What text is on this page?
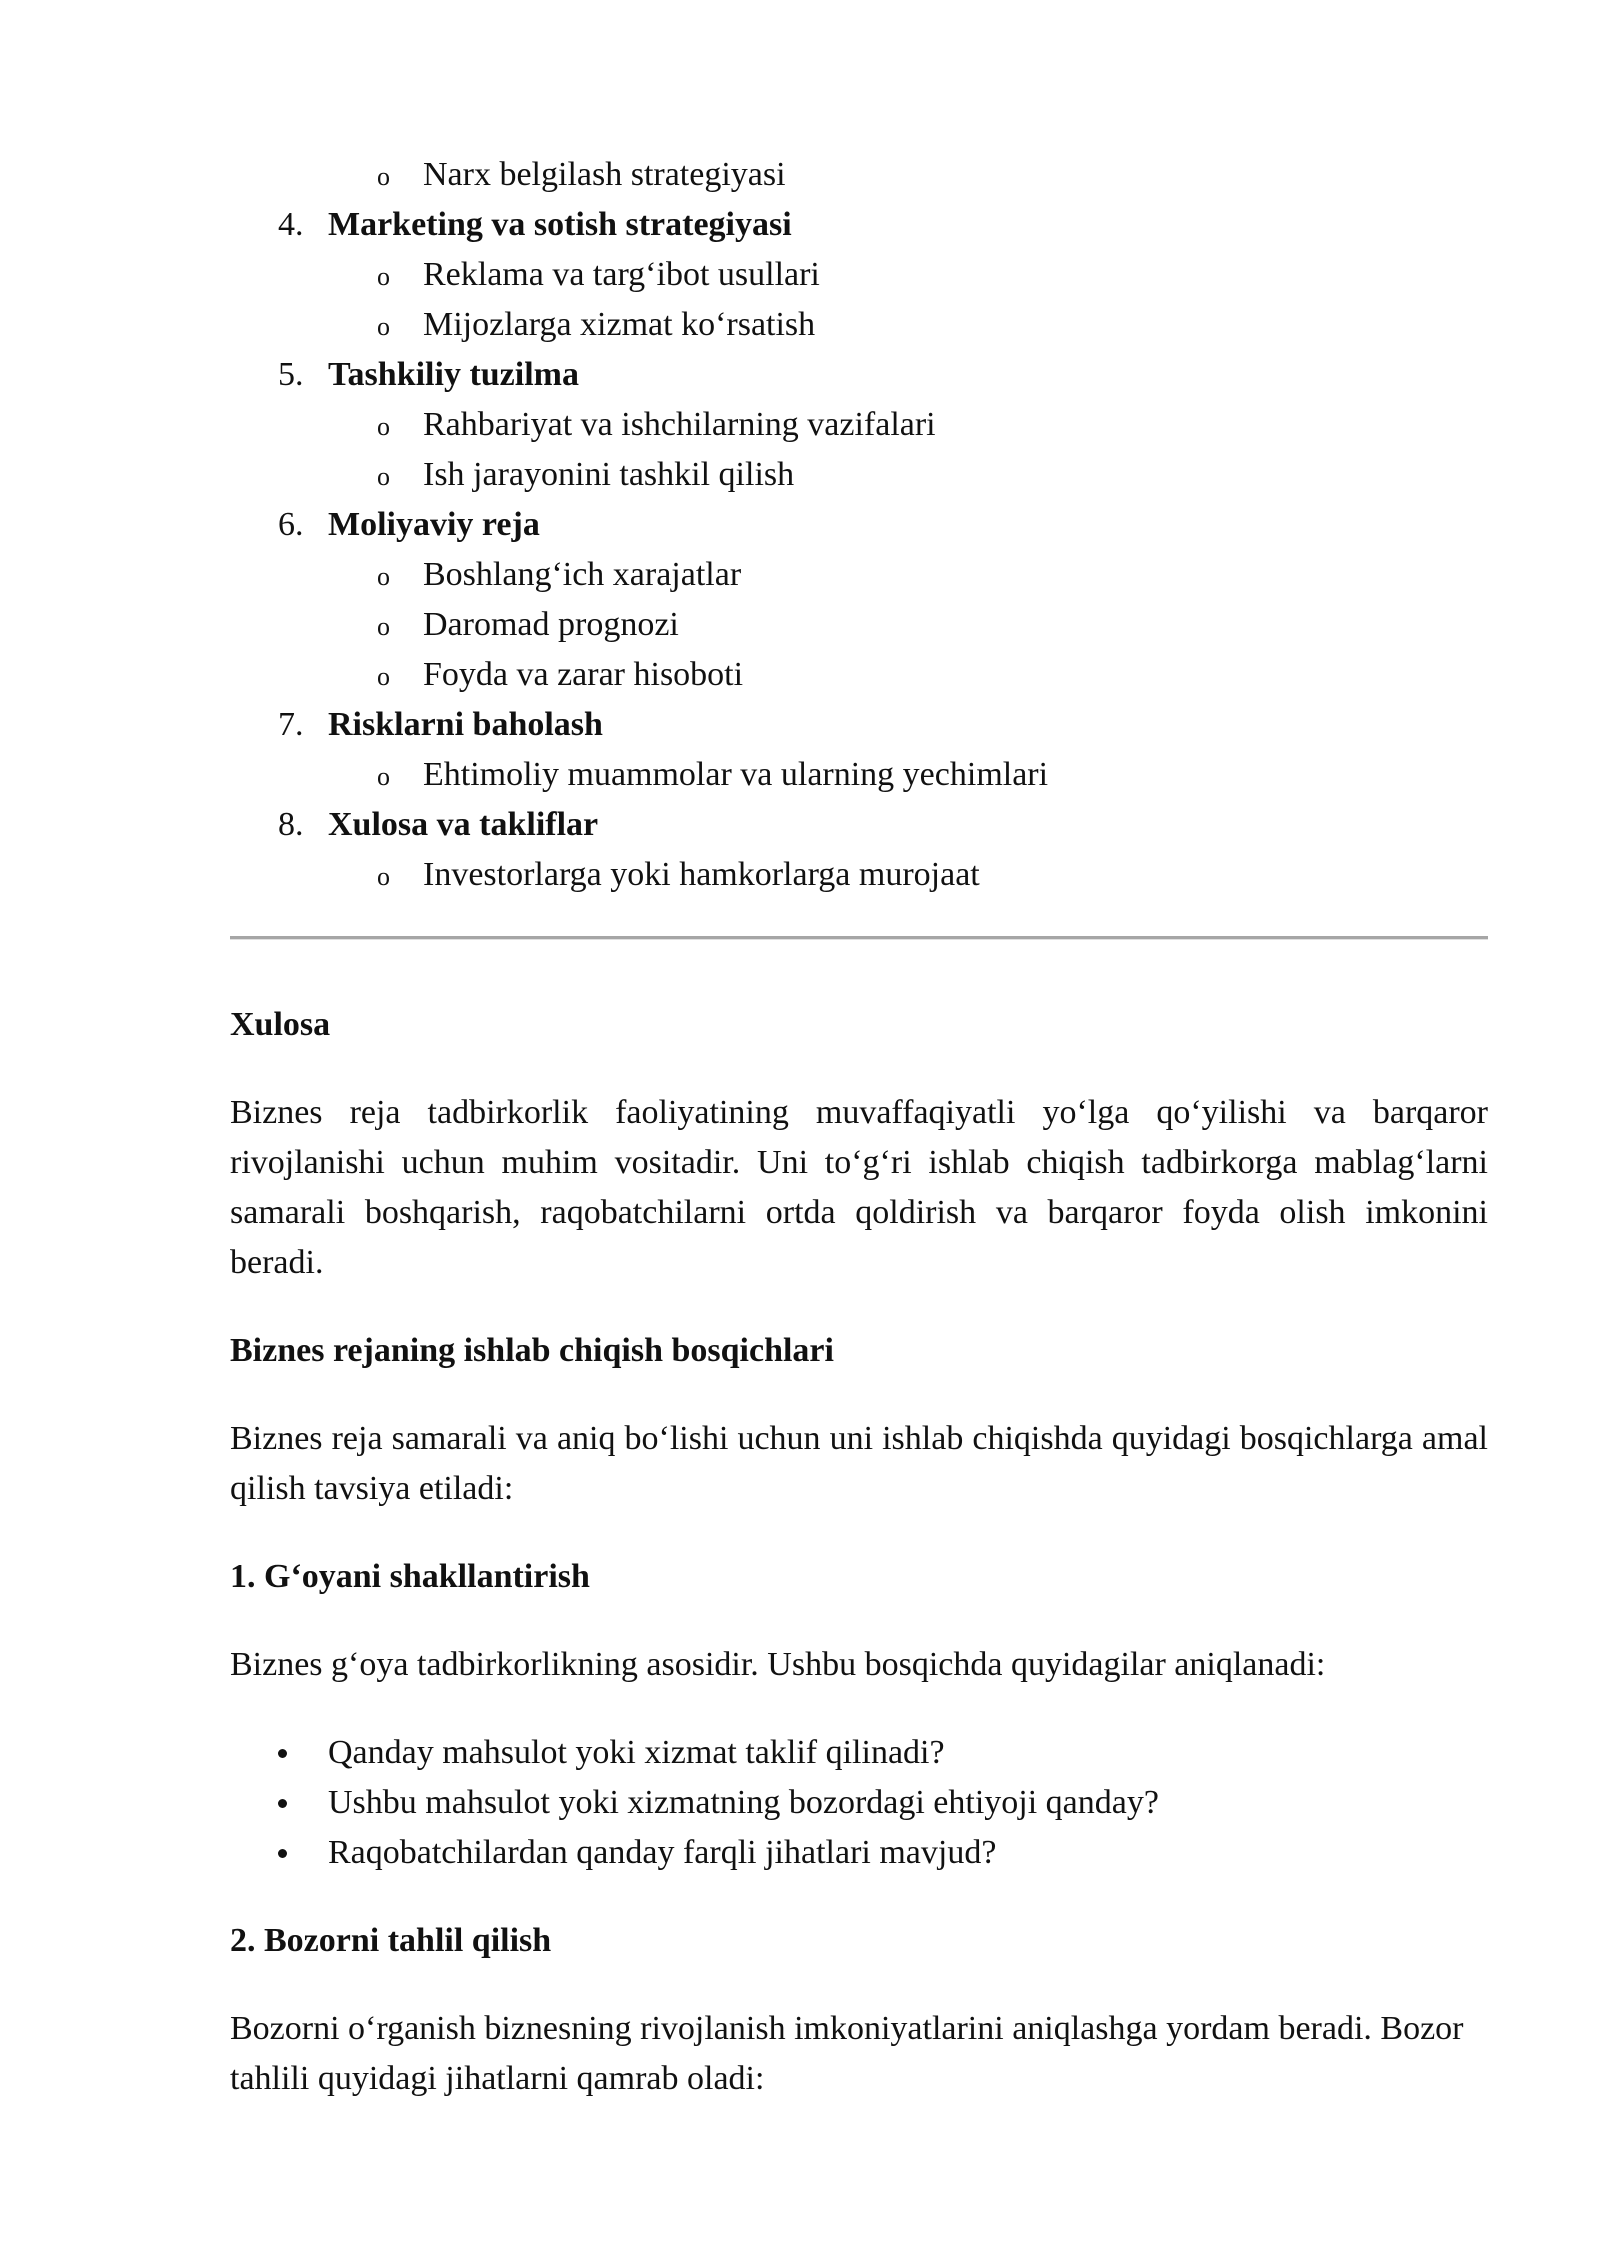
o Narx belgilash strategiyasi
4. Marketing va sotish strategiyasi
o Reklama va targ‘ibot usullari
o Mijozlarga xizmat ko‘rsatish
5. Tashkiliy tuzilma
o Rahbariyat va ishchilarning vazifalari
o Ish jarayonini tashkil qilish
6. Moliyaviy reja
o Boshlang‘ich xarajatlar
o Daromad prognozi
o Foyda va zarar hisoboti
7. Risklarni baholash
o Ehtimoliy muammolar va ularning yechimlari
8. Xulosa va takliflar
o Investorlarga yoki hamkorlarga murojaat
Xulosa

Biznes reja tadbirkorlik faoliyatining muvaffaqiyatli yo‘lga qo‘yilishi va barqaror rivojlanishi uchun muhim vositadir. Uni to‘g‘ri ishlab chiqish tadbirkorga mablag‘larni samarali boshqarish, raqobatchilarni ortda qoldirish va barqaror foyda olish imkonini beradi.

Biznes rejaning ishlab chiqish bosqichlari

Biznes reja samarali va aniq bo‘lishi uchun uni ishlab chiqishda quyidagi bosqichlarga amal qilish tavsiya etiladi:

1. G‘oyani shakllantirish

Biznes g‘oya tadbirkorlikning asosidir. Ushbu bosqichda quyidagilar aniqlanadi:

Qanday mahsulot yoki xizmat taklif qilinadi?
Ushbu mahsulot yoki xizmatning bozordagi ehtiyoji qanday?
Raqobatchilardan qanday farqli jihatlari mavjud?
2. Bozorni tahlil qilish

Bozorni o‘rganish biznesning rivojlanish imkoniyatlarini aniqlashga yordam beradi. Bozor tahlili quyidagi jihatlarni qamrab oladi:
